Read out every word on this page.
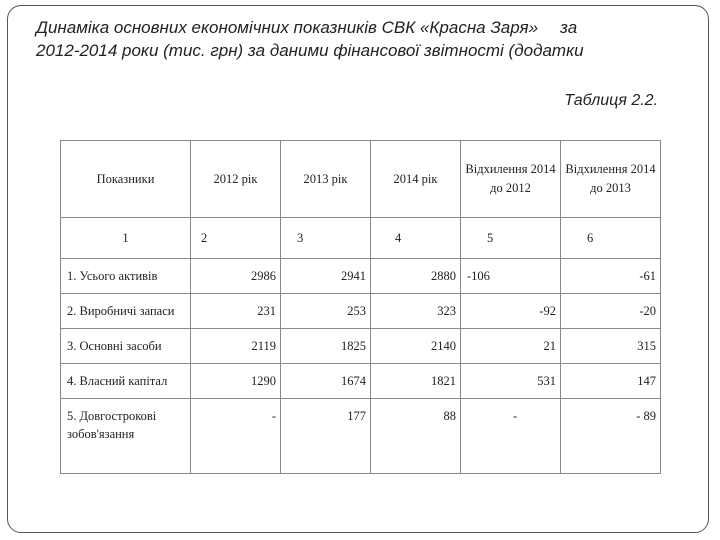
Динаміка основних економічних показників СВК «Красна Заря» за
2012-2014 роки (тис. грн) за даними фінансової звітності (додатки
Таблиця 2.2.
Показники	2012 рік	2013 рік	2014 рік	Відхилення 2014 до 2012	Відхилення 2014 до 2013
1	2	3	4	5	6
1. Усього активів	2986	2941	2880	-106	-61
2. Виробничі запаси	231	253	323	-92	-20
3. Основні засоби	2119	1825	2140	21	315
4. Власний капітал	1290	1674	1821	531	147
5. Довгострокові зобов'язання	-	177	88	-	- 89
